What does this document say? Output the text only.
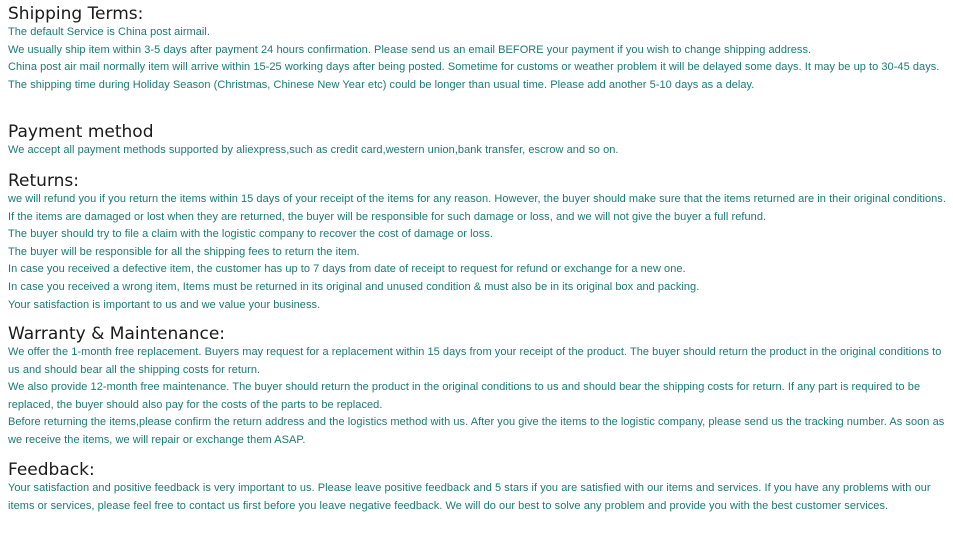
Shipping Terms:

The default Service is China post airmail.

We usually ship item within 3-5 days after payment 24 hours confirmation. Please send us an email BEFORE your payment if you wish to change shipping address.

China post air mail normally item will arrive within 15-25 working days after being posted. Sometime for customs or weather problem it will be delayed some days. It may be up to 30-45 days.

The shipping time during Holiday Season (Christmas, Chinese New Year etc) could be longer than usual time. Please add another 5-10 days as a delay.

Payment method

We accept all payment methods supported by aliexpress,such as credit card,western union,bank transfer, escrow and so on.

Returns:

we will refund you if you return the items within 15 days of your receipt of the items for any reason. However, the buyer should make sure that the items returned are in their original conditions. If the items are damaged or lost when they are returned, the buyer will be responsible for such damage or loss, and we will not give the buyer a full refund.

The buyer should try to file a claim with the logistic company to recover the cost of damage or loss.

The buyer will be responsible for all the shipping fees to return the item.

In case you received a defective item, the customer has up to 7 days from date of receipt to request for refund or exchange for a new one.

In case you received a wrong item, Items must be returned in its original and unused condition & must also be in its original box and packing.

Your satisfaction is important to us and we value your business.

Warranty & Maintenance:

We offer the 1-month free replacement. Buyers may request for a replacement within 15 days from your receipt of the product. The buyer should return the product in the original conditions to us and should bear all the shipping costs for return.

We also provide 12-month free maintenance. The buyer should return the product in the original conditions to us and should bear the shipping costs for return. If any part is required to be replaced, the buyer should also pay for the costs of the parts to be replaced.

Before returning the items,please confirm the return address and the logistics method with us. After you give the items to the logistic company, please send us the tracking number. As soon as we receive the items, we will repair or exchange them ASAP.

Feedback:

Your satisfaction and positive feedback is very important to us. Please leave positive feedback and 5 stars if you are satisfied with our items and services. If you have any problems with our items or services, please feel free to contact us first before you leave negative feedback. We will do our best to solve any problem and provide you with the best customer services.
